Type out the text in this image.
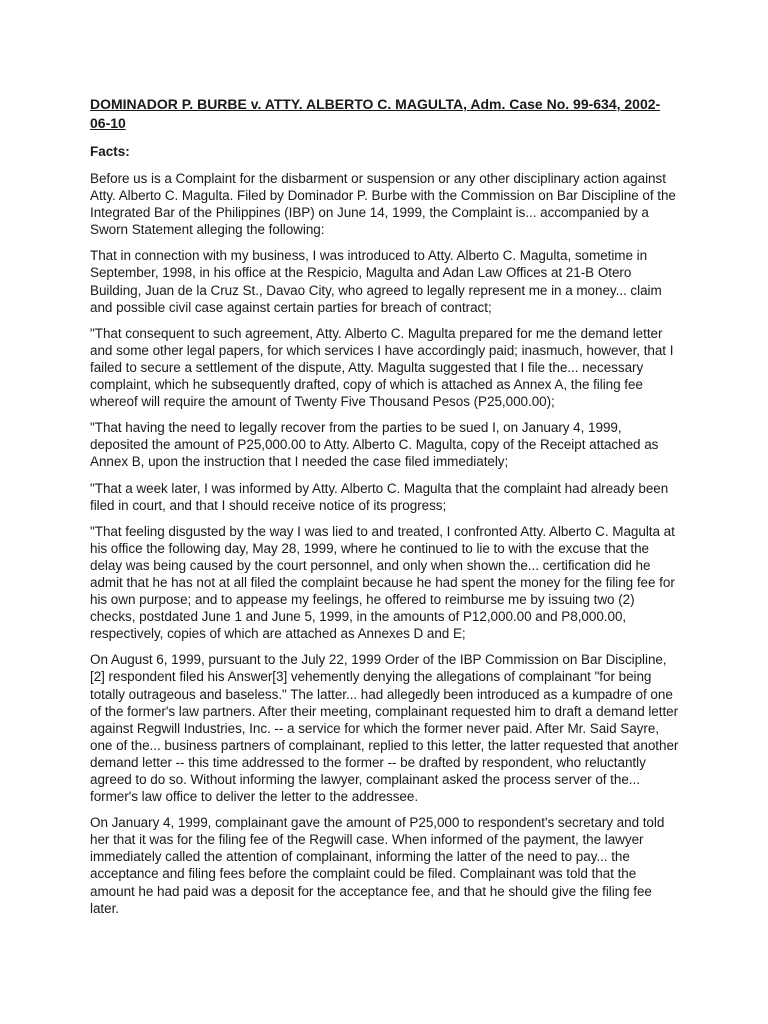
DOMINADOR P. BURBE v. ATTY. ALBERTO C. MAGULTA, Adm. Case No. 99-634, 2002-06-10
Facts:

Before us is a Complaint for the disbarment or suspension or any other disciplinary action against Atty. Alberto C. Magulta. Filed by Dominador P. Burbe with the Commission on Bar Discipline of the Integrated Bar of the Philippines (IBP) on June 14, 1999, the Complaint is... accompanied by a Sworn Statement alleging the following:

That in connection with my business, I was introduced to Atty. Alberto C. Magulta, sometime in September, 1998, in his office at the Respicio, Magulta and Adan Law Offices at 21-B Otero Building, Juan de la Cruz St., Davao City, who agreed to legally represent me in a money... claim and possible civil case against certain parties for breach of contract;

"That consequent to such agreement, Atty. Alberto C. Magulta prepared for me the demand letter and some other legal papers, for which services I have accordingly paid; inasmuch, however, that I failed to secure a settlement of the dispute, Atty. Magulta suggested that I file the... necessary complaint, which he subsequently drafted, copy of which is attached as Annex A, the filing fee whereof will require the amount of Twenty Five Thousand Pesos (P25,000.00);

"That having the need to legally recover from the parties to be sued I, on January 4, 1999, deposited the amount of P25,000.00 to Atty. Alberto C. Magulta, copy of the Receipt attached as Annex B, upon the instruction that I needed the case filed immediately;

"That a week later, I was informed by Atty. Alberto C. Magulta that the complaint had already been filed in court, and that I should receive notice of its progress;

"That feeling disgusted by the way I was lied to and treated, I confronted Atty. Alberto C. Magulta at his office the following day, May 28, 1999, where he continued to lie to with the excuse that the delay was being caused by the court personnel, and only when shown the... certification did he admit that he has not at all filed the complaint because he had spent the money for the filing fee for his own purpose; and to appease my feelings, he offered to reimburse me by issuing two (2) checks, postdated June 1 and June 5, 1999, in the amounts of P12,000.00 and P8,000.00, respectively, copies of which are attached as Annexes D and E;

On August 6, 1999, pursuant to the July 22, 1999 Order of the IBP Commission on Bar Discipline,[2] respondent filed his Answer[3] vehemently denying the allegations of complainant "for being totally outrageous and baseless." The latter... had allegedly been introduced as a kumpadre of one of the former's law partners. After their meeting, complainant requested him to draft a demand letter against Regwill Industries, Inc. -- a service for which the former never paid. After Mr. Said Sayre, one of the... business partners of complainant, replied to this letter, the latter requested that another demand letter -- this time addressed to the former -- be drafted by respondent, who reluctantly agreed to do so. Without informing the lawyer, complainant asked the process server of the... former's law office to deliver the letter to the addressee.

On January 4, 1999, complainant gave the amount of P25,000 to respondent's secretary and told her that it was for the filing fee of the Regwill case. When informed of the payment, the lawyer immediately called the attention of complainant, informing the latter of the need to pay... the acceptance and filing fees before the complaint could be filed. Complainant was told that the amount he had paid was a deposit for the acceptance fee, and that he should give the filing fee later.
